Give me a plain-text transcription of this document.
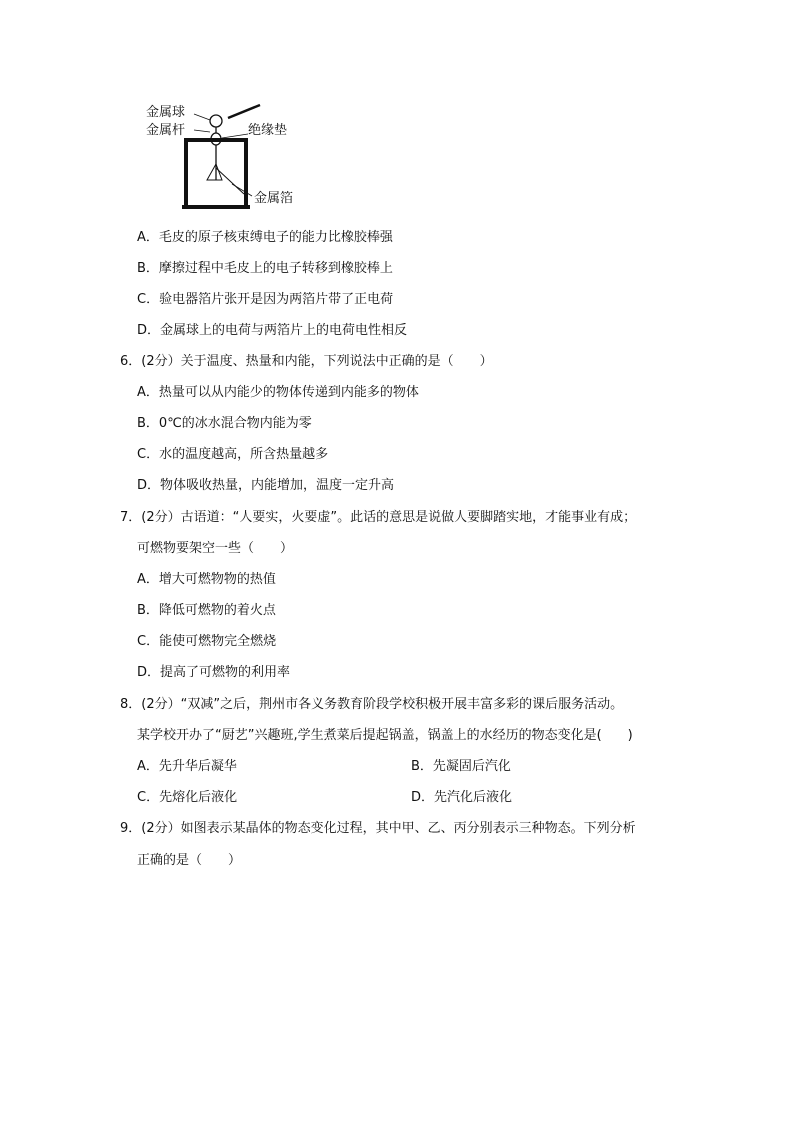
金属球
金属杆	绝缘垫
金属箔
A．毛皮的原子核束缚电子的能力比橡胶棒强
B．摩擦过程中毛皮上的电子转移到橡胶棒上
C．验电器箔片张开是因为两箔片带了正电荷
D．金属球上的电荷与两箔片上的电荷电性相反
6．(2分）关于温度、热量和内能，下列说法中正确的是（　　）
A．热量可以从内能少的物体传递到内能多的物体
B．0℃的冰水混合物内能为零
C．水的温度越高，所含热量越多
D．物体吸收热量，内能增加，温度一定升高
7．(2分）古语道：“人要实，火要虚”。此话的意思是说做人要脚踏实地，才能事业有成；
可燃物要架空一些（　　）
A．增大可燃物物的热值
B．降低可燃物的着火点
C．能使可燃物完全燃烧
D．提高了可燃物的利用率
8．(2分）“双减”之后，荆州市各义务教育阶段学校积极开展丰富多彩的课后服务活动。
某学校开办了“厨艺”兴趣班,学生煮菜后提起锅盖，锅盖上的水经历的物态变化是(　　)
A．先升华后凝华	B．先凝固后汽化
C．先熔化后液化	D．先汽化后液化
9．(2分）如图表示某晶体的物态变化过程，其中甲、乙、丙分别表示三种物态。下列分析
正确的是（　　）
